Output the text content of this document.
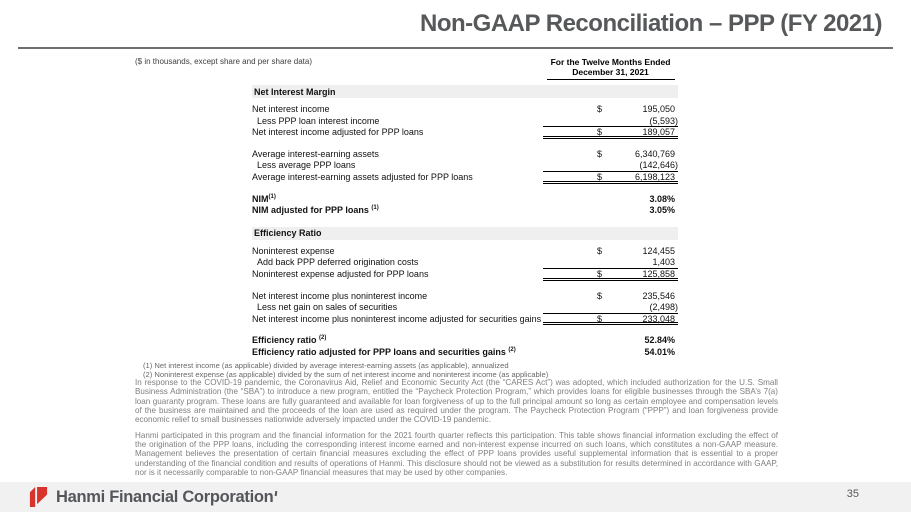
Non-GAAP Reconciliation – PPP (FY 2021)
($ in thousands, except share and per share data)	For the Twelve Months Ended
December 31, 2021
Net Interest Margin
Net interest income	$	195,050
Less PPP loan interest income	(5,593)
Net interest income adjusted for PPP loans	$	189,057
Average interest-earning assets	$	6,340,769
Less average PPP loans	(142,646)
Average interest-earning assets adjusted for PPP loans	$	6,198,123
NIM$^{(1)}$	3.08%
NIM adjusted for PPP loans $^{(1)}$	3.05%
Efficiency Ratio
Noninterest expense	$	124,455
Add back PPP deferred origination costs	1,403
Noninterest expense adjusted for PPP loans	$	125,858
Net interest income plus noninterest income	$	235,546
Less net gain on sales of securities	(2,498)
Net interest income plus noninterest income adjusted for securities gains	$	233,048
Efficiency ratio $^{(2)}$	52.84%
Efficiency ratio adjusted for PPP loans and securities gains $^{(2)}$	54.01%
(1) Net interest income (as applicable) divided by average interest-earning assets (as applicable), annualized
(2) Noninterest expense (as applicable) divided by the sum of net interest income and noninterest income (as applicable)
In response to the COVID-19 pandemic, the Coronavirus Aid, Relief and Economic Security Act (the “CARES Act”) was adopted, which included authorization for the U.S. Small Business Administration (the “SBA”) to introduce a new program, entitled the “Paycheck Protection Program,” which provides loans for eligible businesses through the SBA’s 7(a) loan guaranty program. These loans are fully guaranteed and available for loan forgiveness of up to the full principal amount so long as certain employee and compensation levels of the business are maintained and the proceeds of the loan are used as required under the program. The Paycheck Protection Program (“PPP”) and loan forgiveness provide economic relief to small businesses nationwide adversely impacted under the COVID-19 pandemic.
Hanmi participated in this program and the financial information for the 2021 fourth quarter reflects this participation. This table shows financial information excluding the effect of the origination of the PPP loans, including the corresponding interest income earned and non-interest expense incurred on such loans, which constitutes a non-GAAP measure. Management believes the presentation of certain financial measures excluding the effect of PPP loans provides useful supplemental information that is essential to a proper understanding of the financial condition and results of operations of Hanmi. This disclosure should not be viewed as a substitution for results determined in accordance with GAAP, nor is it necessarily comparable to non-GAAP financial measures that may be used by other companies.
Hanmi Financial Corporation	35
